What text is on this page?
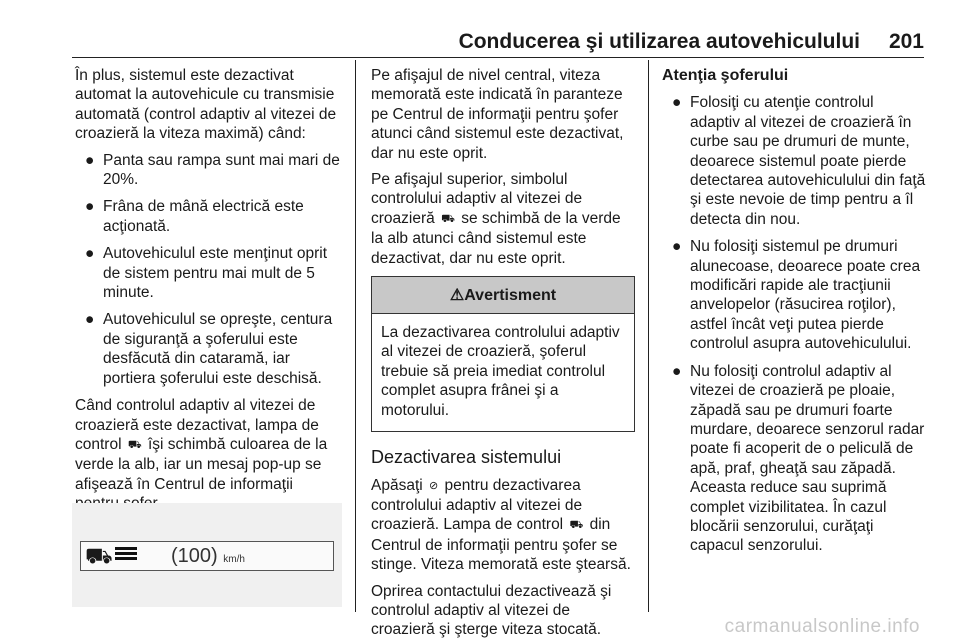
Conducerea şi utilizarea autovehiculului 201

În plus, sistemul este dezactivat automat la autovehicule cu transmisie automată (control adaptiv al vitezei de croazieră la viteza maximă) când:

● Panta sau rampa sunt mai mari de 20%.
● Frâna de mână electrică este acţionată.
● Autovehiculul este menţinut oprit de sistem pentru mai mult de 5 minute.
● Autovehiculul se opreşte, centura de siguranţă a şoferului este desfăcută din cataramă, iar portiera şoferului este deschisă.

Când controlul adaptiv al vitezei de croazieră este dezactivat, lampa de control ⛟ îşi schimbă culoarea de la verde la alb, iar un mesaj pop-up se afişează în Centrul de informaţii

⛟	(100) km/h

Pe afişajul de nivel central, viteza memorată este indicată în paranteze pe Centrul de informaţii pentru şofer atunci când sistemul este dezactivat, dar nu este oprit.

Pe afişajul superior, simbolul controlului adaptiv al vitezei de croazieră ⛟ se schimbă de la verde la alb atunci când sistemul este dezactivat, dar nu este oprit.

⚠Avertisment
La dezactivarea controlului adaptiv al vitezei de croazieră, şoferul trebuie să preia imediat controlul complet asupra frânei şi a motorului.
Dezactivarea sistemului

Apăsaţi ⊘ pentru dezactivarea controlului adaptiv al vitezei de croazieră. Lampa de control ⛟ din Centrul de informaţii pentru şofer se stinge. Viteza memorată este ştearsă.

Oprirea contactului dezactivează şi controlul adaptiv al vitezei de croazieră şi şterge viteza stocată.

Atenţia şoferului
● Folosiţi cu atenţie controlul adaptiv al vitezei de croazieră în curbe sau pe drumuri de munte, deoarece sistemul poate pierde detectarea autovehiculului din faţă şi este nevoie de timp pentru a îl detecta din nou.
● Nu folosiţi sistemul pe drumuri alunecoase, deoarece poate crea modificări rapide ale tracţiunii anvelopelor (răsucirea roţilor), astfel încât veţi putea pierde controlul asupra autovehiculului.
● Nu folosiţi controlul adaptiv al vitezei de croazieră pe ploaie, zăpadă sau pe drumuri foarte murdare, deoarece senzorul radar poate fi acoperit de o peliculă de apă, praf, gheaţă sau zăpadă. Aceasta reduce sau suprimă complet vizibilitatea. În cazul blocării senzorului, curăţaţi capacul senzorului.
carmanualsonline.info
